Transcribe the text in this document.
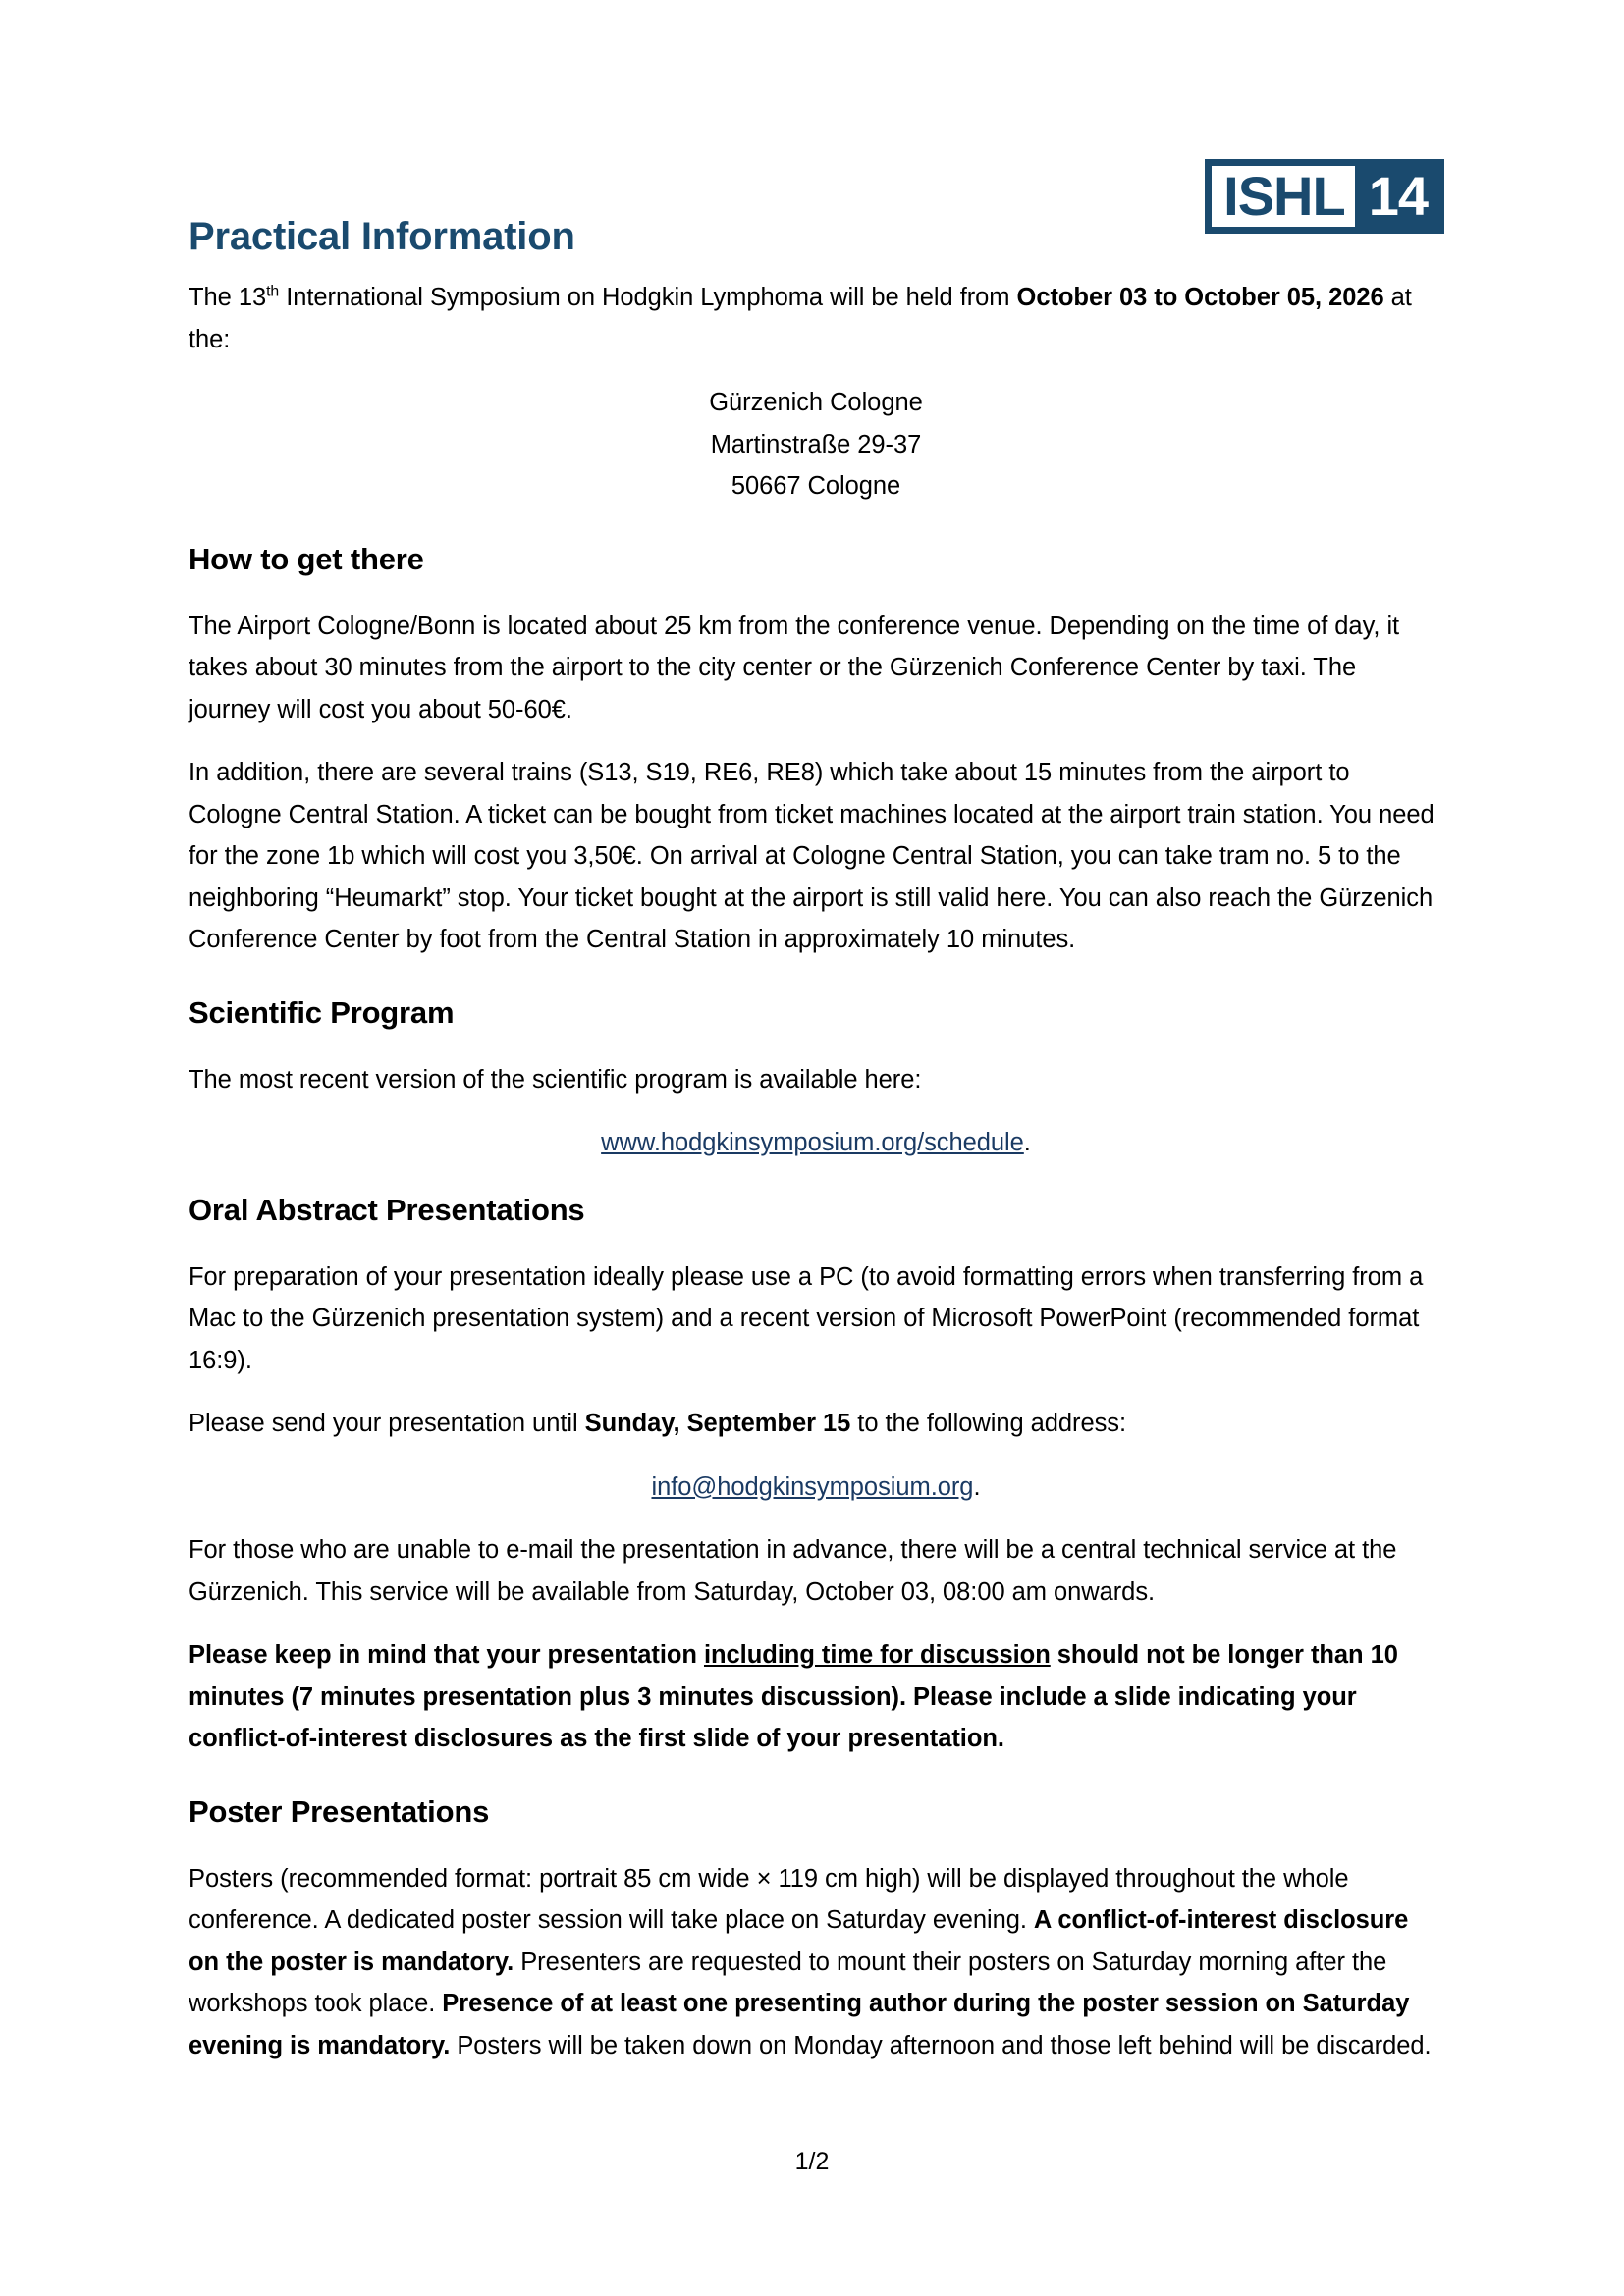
ISHL 14
Practical Information

The 13th International Symposium on Hodgkin Lymphoma will be held from October 03 to October 05, 2026 at the:

Gürzenich Cologne

Martinstraße 29-37

50667 Cologne

How to get there

The Airport Cologne/Bonn is located about 25 km from the conference venue. Depending on the time of day, it takes about 30 minutes from the airport to the city center or the Gürzenich Conference Center by taxi. The journey will cost you about 50-60€.

In addition, there are several trains (S13, S19, RE6, RE8) which take about 15 minutes from the airport to Cologne Central Station. A ticket can be bought from ticket machines located at the airport train station. You need for the zone 1b which will cost you 3,50€. On arrival at Cologne Central Station, you can take tram no. 5 to the neighboring “Heumarkt” stop. Your ticket bought at the airport is still valid here. You can also reach the Gürzenich Conference Center by foot from the Central Station in approximately 10 minutes.

Scientific Program

The most recent version of the scientific program is available here:

www.hodgkinsymposium.org/schedule.

Oral Abstract Presentations

For preparation of your presentation ideally please use a PC (to avoid formatting errors when transferring from a Mac to the Gürzenich presentation system) and a recent version of Microsoft PowerPoint (recommended format 16:9).

Please send your presentation until Sunday, September 15 to the following address:

info@hodgkinsymposium.org.

For those who are unable to e-mail the presentation in advance, there will be a central technical service at the Gürzenich. This service will be available from Saturday, October 03, 08:00 am onwards.

Please keep in mind that your presentation including time for discussion should not be longer than 10 minutes (7 minutes presentation plus 3 minutes discussion). Please include a slide indicating your conflict-of-interest disclosures as the first slide of your presentation.

Poster Presentations

Posters (recommended format: portrait 85 cm wide × 119 cm high) will be displayed throughout the whole conference. A dedicated poster session will take place on Saturday evening. A conflict-of-interest disclosure on the poster is mandatory. Presenters are requested to mount their posters on Saturday morning after the workshops took place. Presence of at least one presenting author during the poster session on Saturday evening is mandatory. Posters will be taken down on Monday afternoon and those left behind will be discarded.

1/2
